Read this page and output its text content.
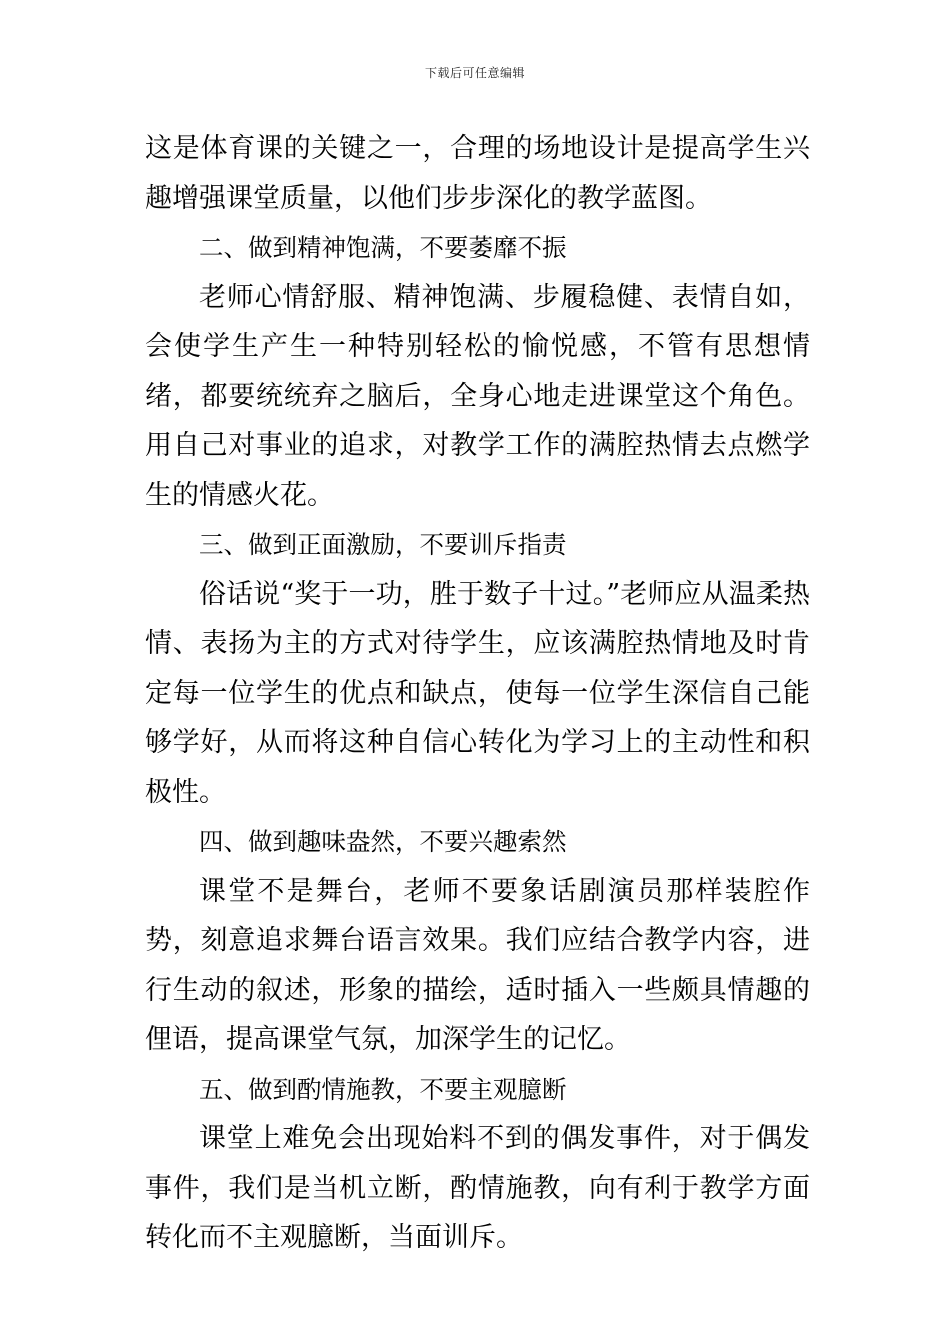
下载后可任意编辑

这是体育课的关键之一，合理的场地设计是提高学生兴趣增强课堂质量，以他们步步深化的教学蓝图。

二、做到精神饱满，不要萎靡不振

老师心情舒服、精神饱满、步履稳健、表情自如，会使学生产生一种特别轻松的愉悦感，不管有思想情绪，都要统统弃之脑后，全身心地走进课堂这个角色。用自己对事业的追求，对教学工作的满腔热情去点燃学生的情感火花。

三、做到正面激励，不要训斥指责

俗话说“奖于一功，胜于数子十过。”老师应从温柔热情、表扬为主的方式对待学生，应该满腔热情地及时肯定每一位学生的优点和缺点，使每一位学生深信自己能够学好，从而将这种自信心转化为学习上的主动性和积极性。

四、做到趣味盎然，不要兴趣索然

课堂不是舞台，老师不要象话剧演员那样装腔作势，刻意追求舞台语言效果。我们应结合教学内容，进行生动的叙述，形象的描绘，适时插入一些颇具情趣的俚语，提高课堂气氛，加深学生的记忆。

五、做到酌情施教，不要主观臆断

课堂上难免会出现始料不到的偶发事件，对于偶发事件，我们是当机立断，酌情施教，向有利于教学方面转化而不主观臆断，当面训斥。
